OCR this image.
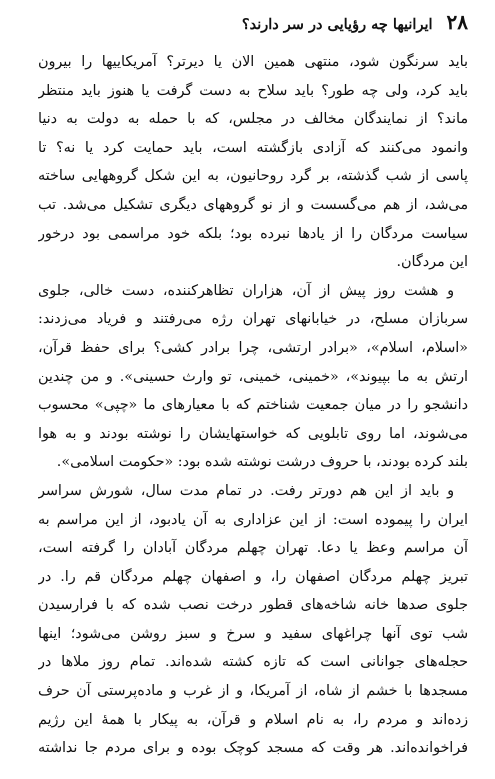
۲۸
ایرانیها چه رؤیایی در سر دارند؟

باید سرنگون شود، منتهی همین الان یا دیرتر؟ آمریکاییها را بیرون
باید کرد، ولی چه طور؟ باید سلاح به دست گرفت یا هنوز باید منتظر
ماند؟ از نمایندگان مخالف در مجلس، که با حمله به دولت به دنیا
وانمود می‌کنند که آزادی بازگشته است، باید حمایت کرد یا نه؟ تا
پاسی از شب گذشته، بر گرد روحانیون، به این شکل گروههایی ساخته
می‌شد، از هم می‌گسست و از نو گروههای دیگری تشکیل می‌شد. تب
سیاست مردگان را از یادها نبرده بود؛ بلکه خود مراسمی بود درخور
این مردگان.

و هشت روز پیش از آن، هزاران تظاهرکننده، دست خالی، جلوی
سربازان مسلح، در خیابانهای تهران رژه می‌رفتند و فریاد می‌زدند:
«اسلام، اسلام»، «برادر ارتشی، چرا برادر کشی؟ برای حفظ قرآن،
ارتش به ما بپیوند»، «خمینی، خمینی، تو وارث حسینی». و من چندین
دانشجو را در میان جمعیت شناختم که با معیارهای ما «چپی» محسوب
می‌شوند، اما روی تابلویی که خواستهایشان را نوشته بودند و به هوا
بلند کرده بودند، با حروف درشت نوشته شده بود: «حکومت اسلامی».

و باید از این هم دورتر رفت. در تمام مدت سال، شورش سراسر
ایران را پیموده است: از این عزاداری به آن یادبود، از این مراسم به
آن مراسم وعظ یا دعا. تهران چهلم مردگان آبادان را گرفته است،
تبریز چهلم مردگان اصفهان را، و اصفهان چهلم مردگان قم را. در
جلوی صدها خانه شاخه‌های قطور درخت نصب شده که با فرارسیدن
شب توی آنها چراغهای سفید و سرخ و سبز روشن می‌شود؛ اینها
حجله‌های جوانانی است که تازه کشته شده‌اند. تمام روز ملاها در
مسجدها با خشم از شاه، از آمریکا، و از غرب و ماده‌پرستی آن حرف
زده‌اند و مردم را، به نام اسلام و قرآن، به پیکار با همهٔ این رژیم
فراخوانده‌اند. هر وقت که مسجد کوچک بوده و برای مردم جا نداشته
